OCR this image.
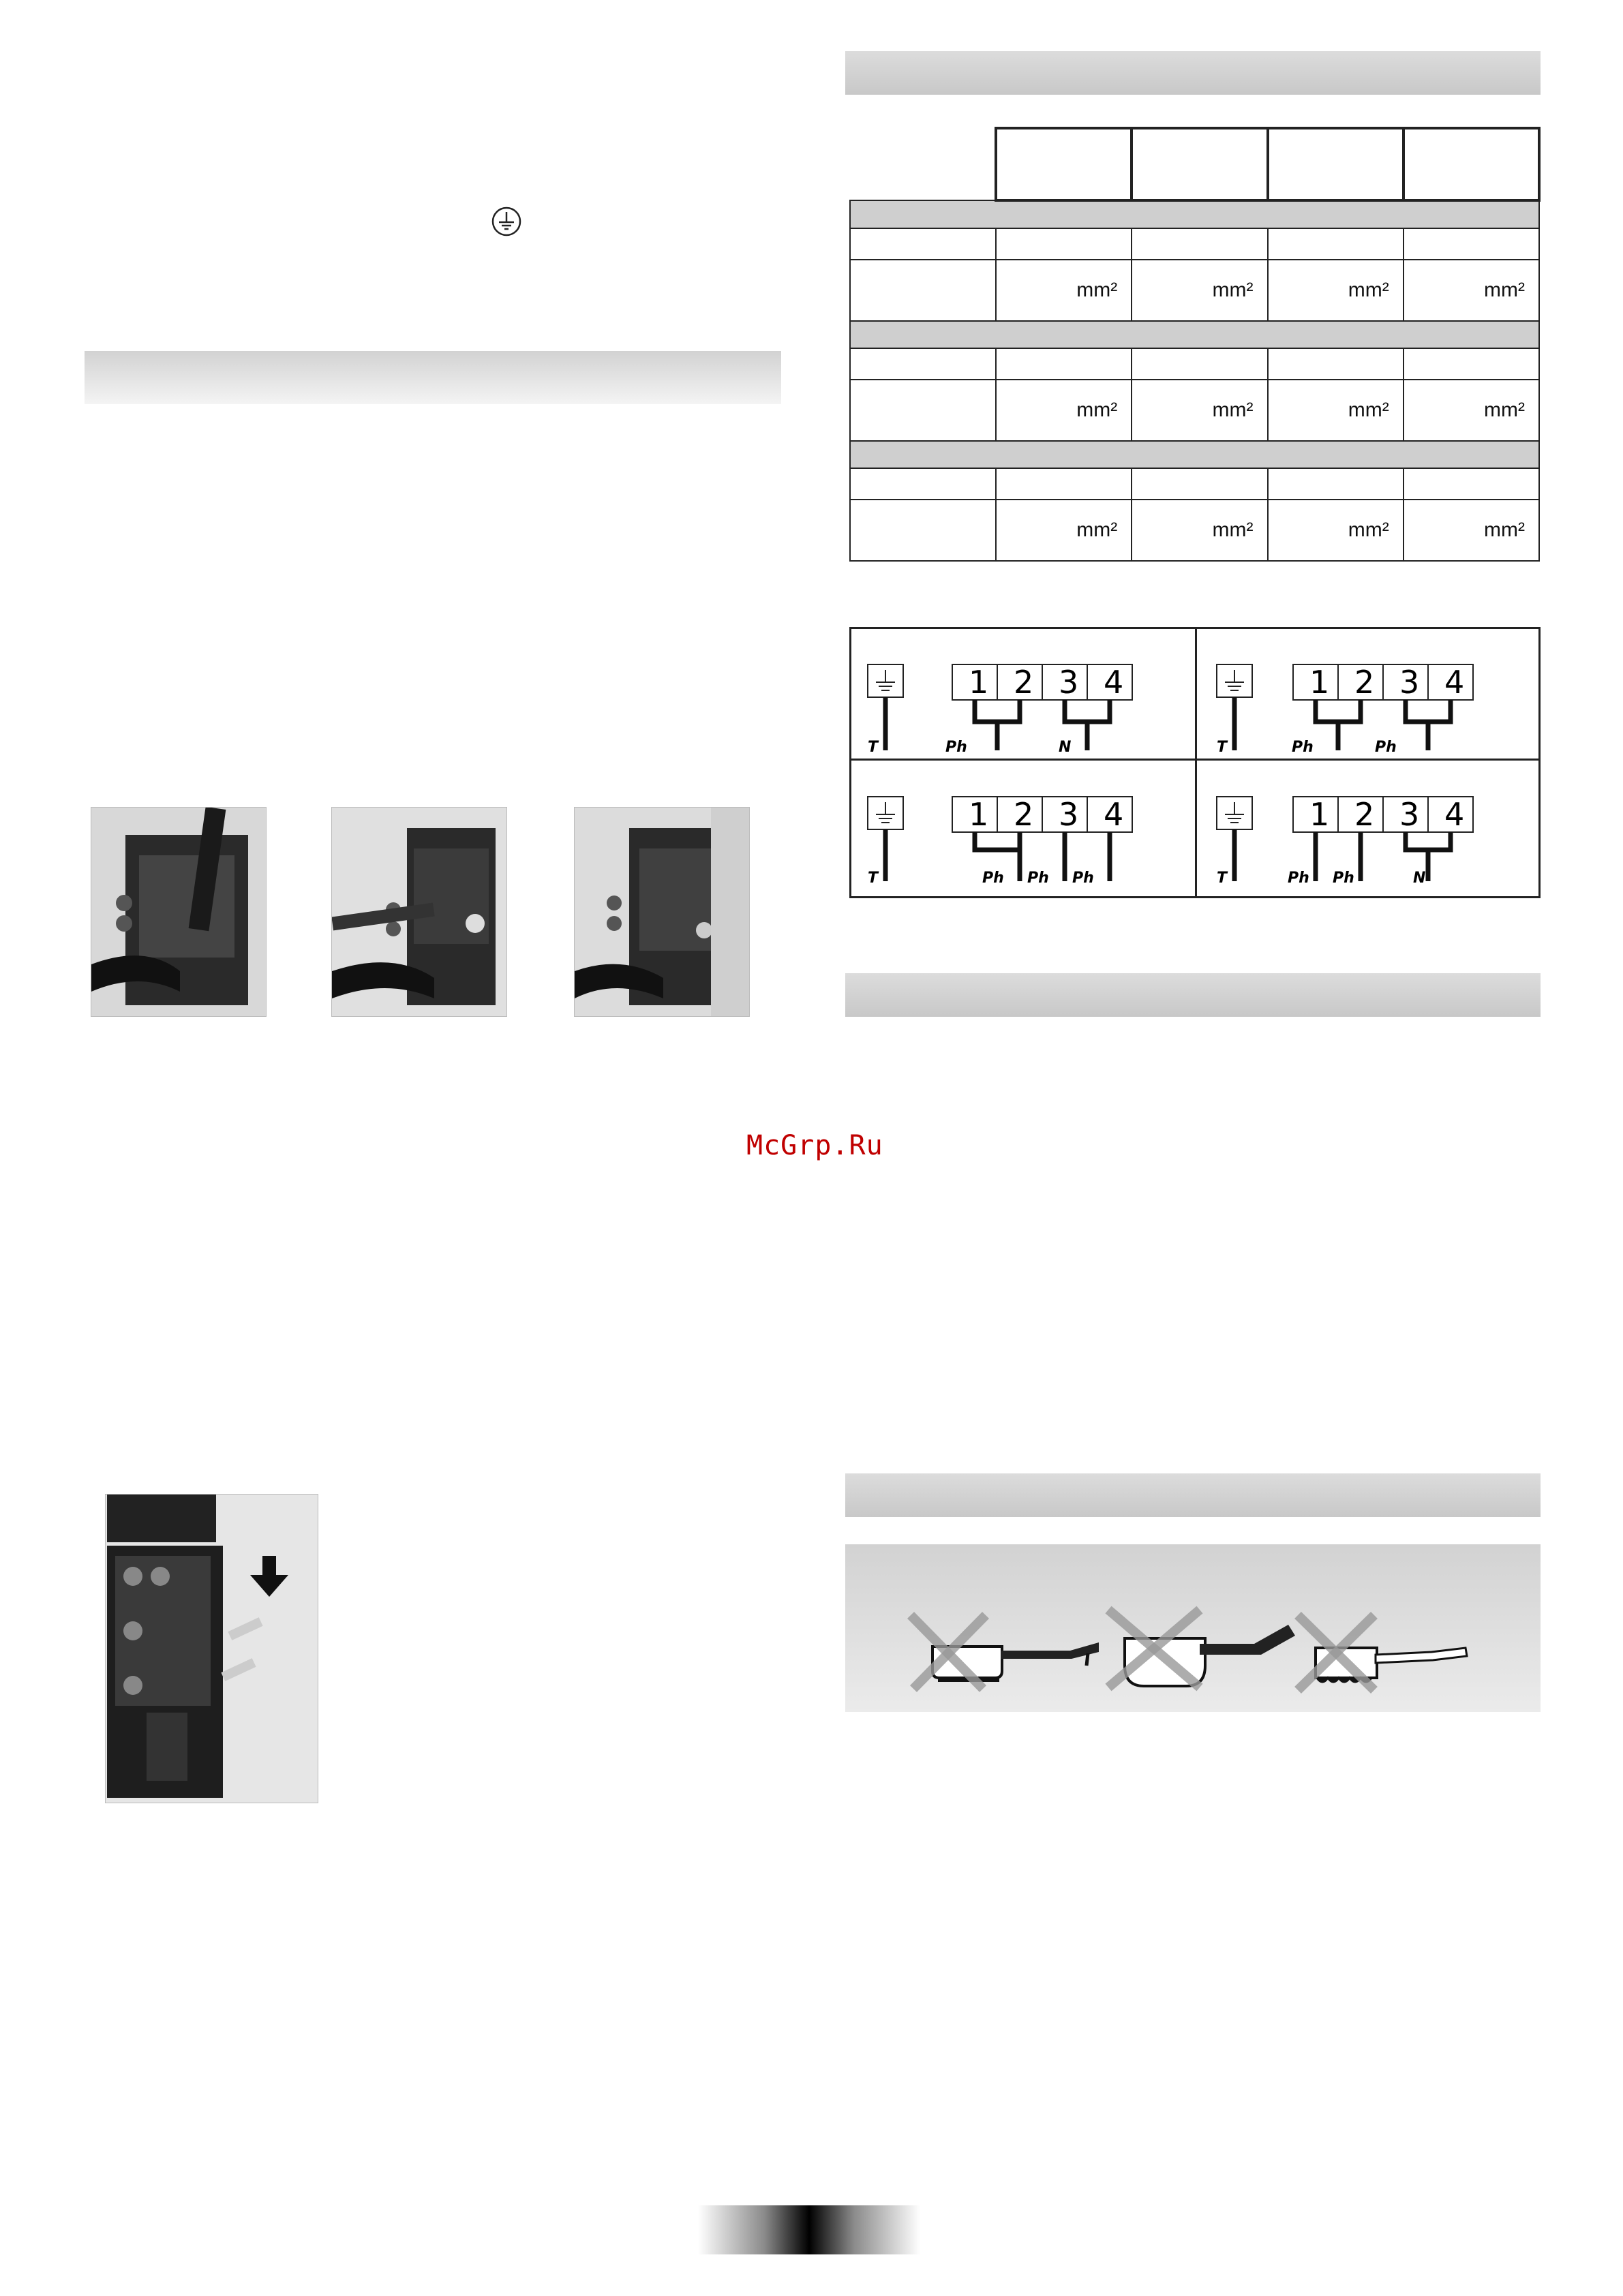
	mm²	mm²	mm²	mm²

	mm²	mm²	mm²	mm²

	mm²	mm²	mm²	mm²
T
1 2 3 4
Ph	N	T
1 2 3 4
Ph	Ph
T
1 2 3 4
Ph Ph Ph	T
1 2 3 4
Ph Ph	N
McGrp.Ru
